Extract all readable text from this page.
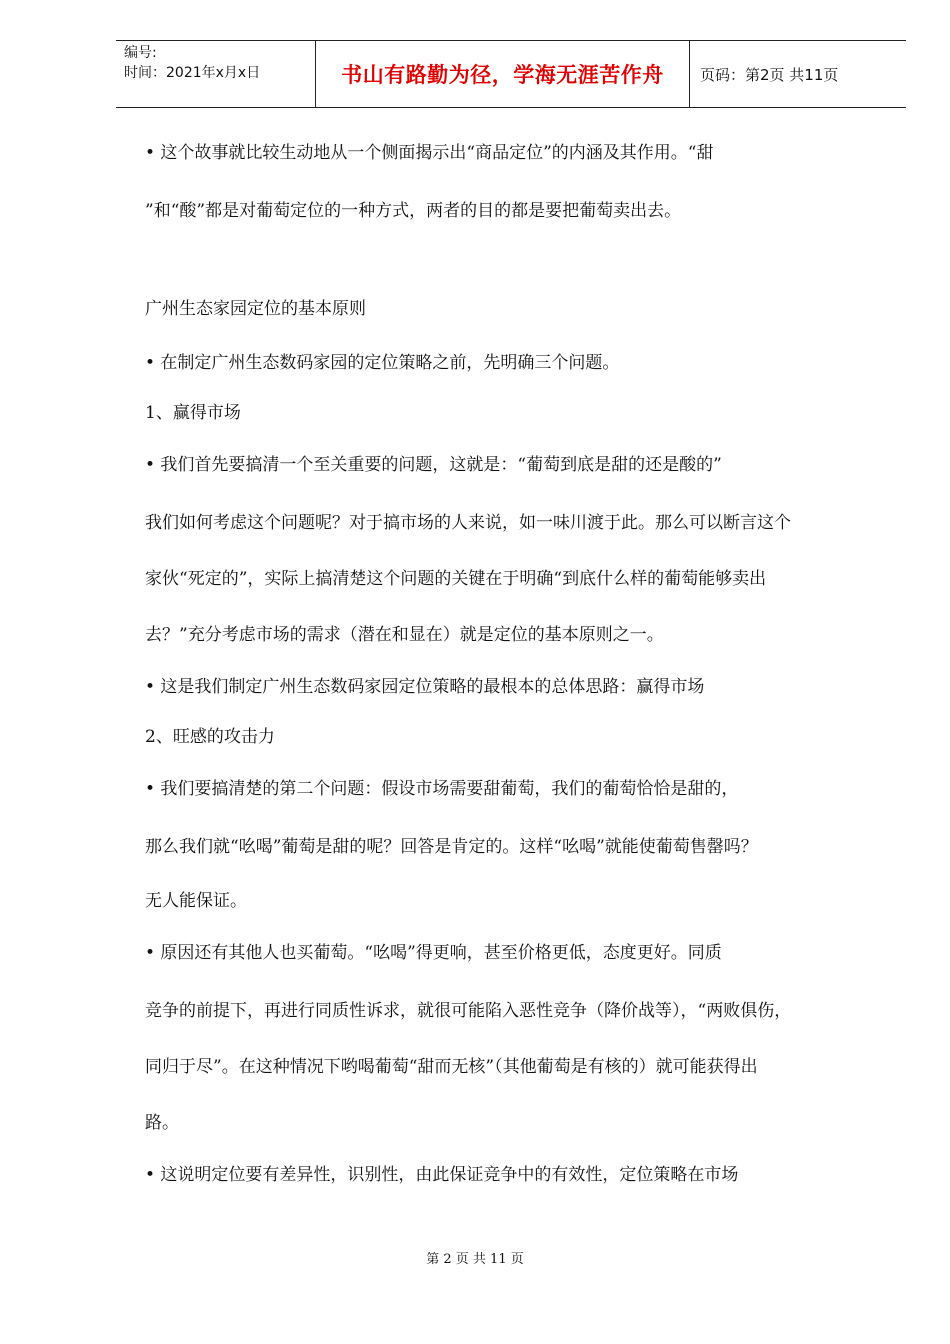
编号:
时间：2021年x月x日	书山有路勤为径，学海无涯苦作舟	页码：第2页 共11页
• 这个故事就比较生动地从一个侧面揭示出“商品定位”的内涵及其作用。“甜
”和“酸”都是对葡萄定位的一种方式，两者的目的都是要把葡萄卖出去。
广州生态家园定位的基本原则
• 在制定广州生态数码家园的定位策略之前，先明确三个问题。
1、赢得市场
• 我们首先要搞清一个至关重要的问题，这就是：“葡萄到底是甜的还是酸的”
我们如何考虑这个问题呢？对于搞市场的人来说，如一味川渡于此。那么可以断言这个
家伙“死定的”，实际上搞清楚这个问题的关键在于明确“到底什么样的葡萄能够卖出
去？”充分考虑市场的需求（潜在和显在）就是定位的基本原则之一。
• 这是我们制定广州生态数码家园定位策略的最根本的总体思路：赢得市场
2、旺感的攻击力
• 我们要搞清楚的第二个问题：假设市场需要甜葡萄，我们的葡萄恰恰是甜的，
那么我们就“吆喝”葡萄是甜的呢？回答是肯定的。这样“吆喝”就能使葡萄售罄吗？
无人能保证。
• 原因还有其他人也买葡萄。“吆喝”得更响，甚至价格更低，态度更好。同质
竞争的前提下，再进行同质性诉求，就很可能陷入恶性竞争（降价战等），“两败俱伤，
同归于尽”。在这种情况下哟喝葡萄“甜而无核”（其他葡萄是有核的）就可能获得出
路。
• 这说明定位要有差异性，识别性，由此保证竞争中的有效性，定位策略在市场
第 2 页 共 11 页
